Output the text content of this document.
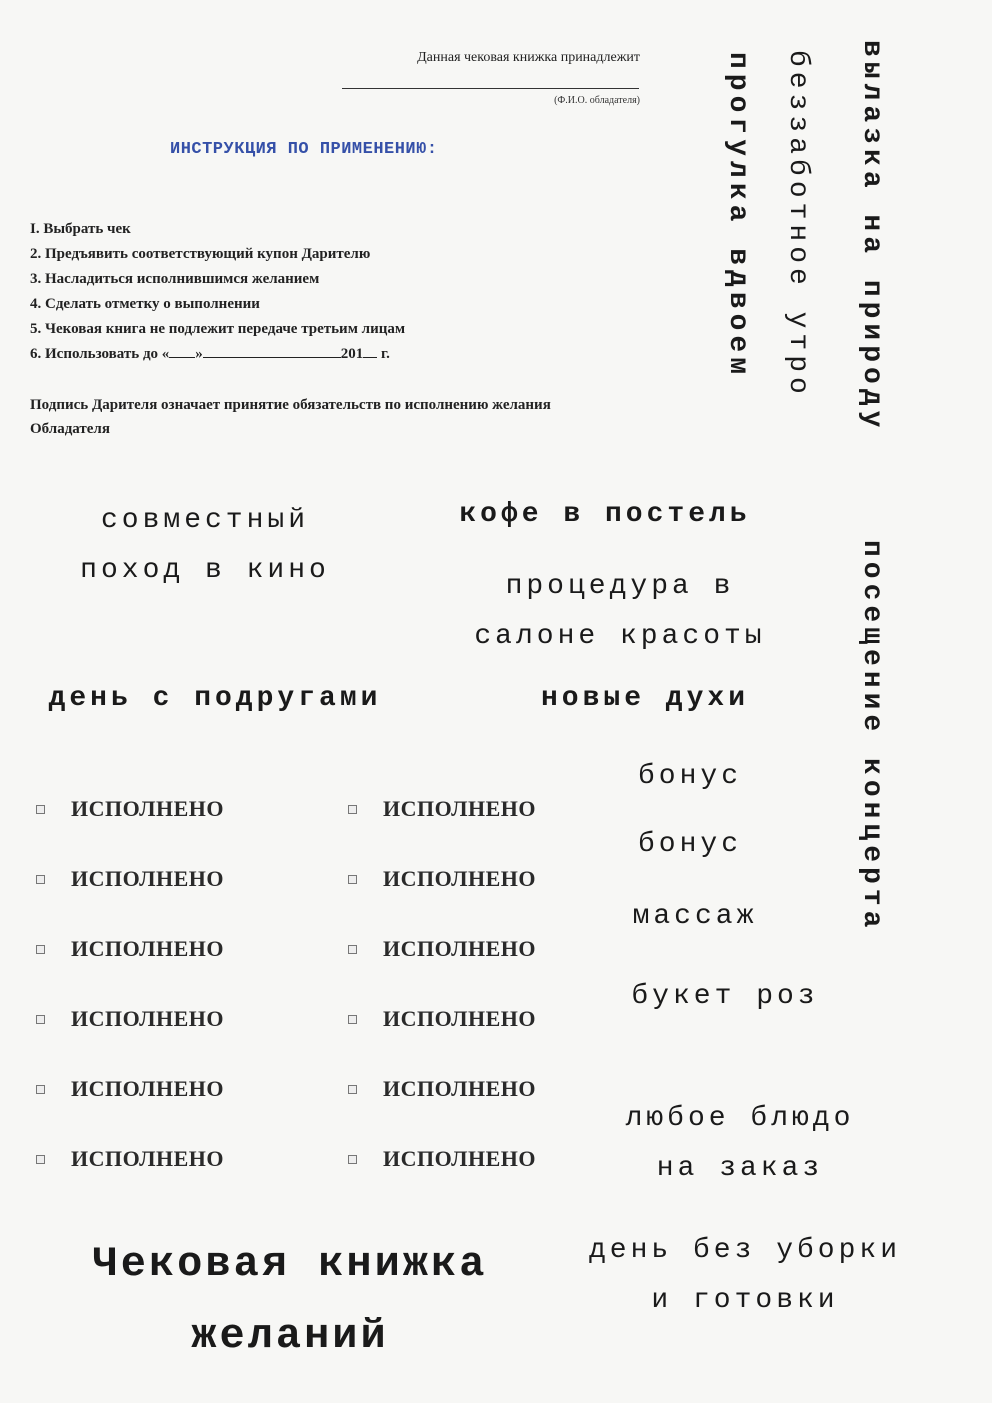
Данная чековая книжка принадлежит
(Ф.И.О. обладателя)
ИНСТРУКЦИЯ ПО ПРИМЕНЕНИЮ:
I. Выбрать чек
2. Предъявить соответствующий купон Дарителю
3. Насладиться исполнившимся желанием
4. Сделать отметку о выполнении
5. Чековая книга не подлежит передаче третьим лицам
6. Использовать до « »	201 г.
Подпись Дарителя означает принятие обязательств по исполнению желания Обладателя
прогулка вдвоем беззаботное утро вылазка на природу
посещение концерта
совместный
поход в кино
кофе в постель
процедура в
салоне красоты
день с подругами	новые духи
бонус
бонус
массаж
букет роз
любое блюдо
на заказ
день без уборки
и готовки
ИСПОЛНЕНО
ИСПОЛНЕНО
ИСПОЛНЕНО
ИСПОЛНЕНО
ИСПОЛНЕНО
ИСПОЛНЕНО
ИСПОЛНЕНО
ИСПОЛНЕНО
ИСПОЛНЕНО
ИСПОЛНЕНО
ИСПОЛНЕНО
ИСПОЛНЕНО
Чековая книжка
желаний
